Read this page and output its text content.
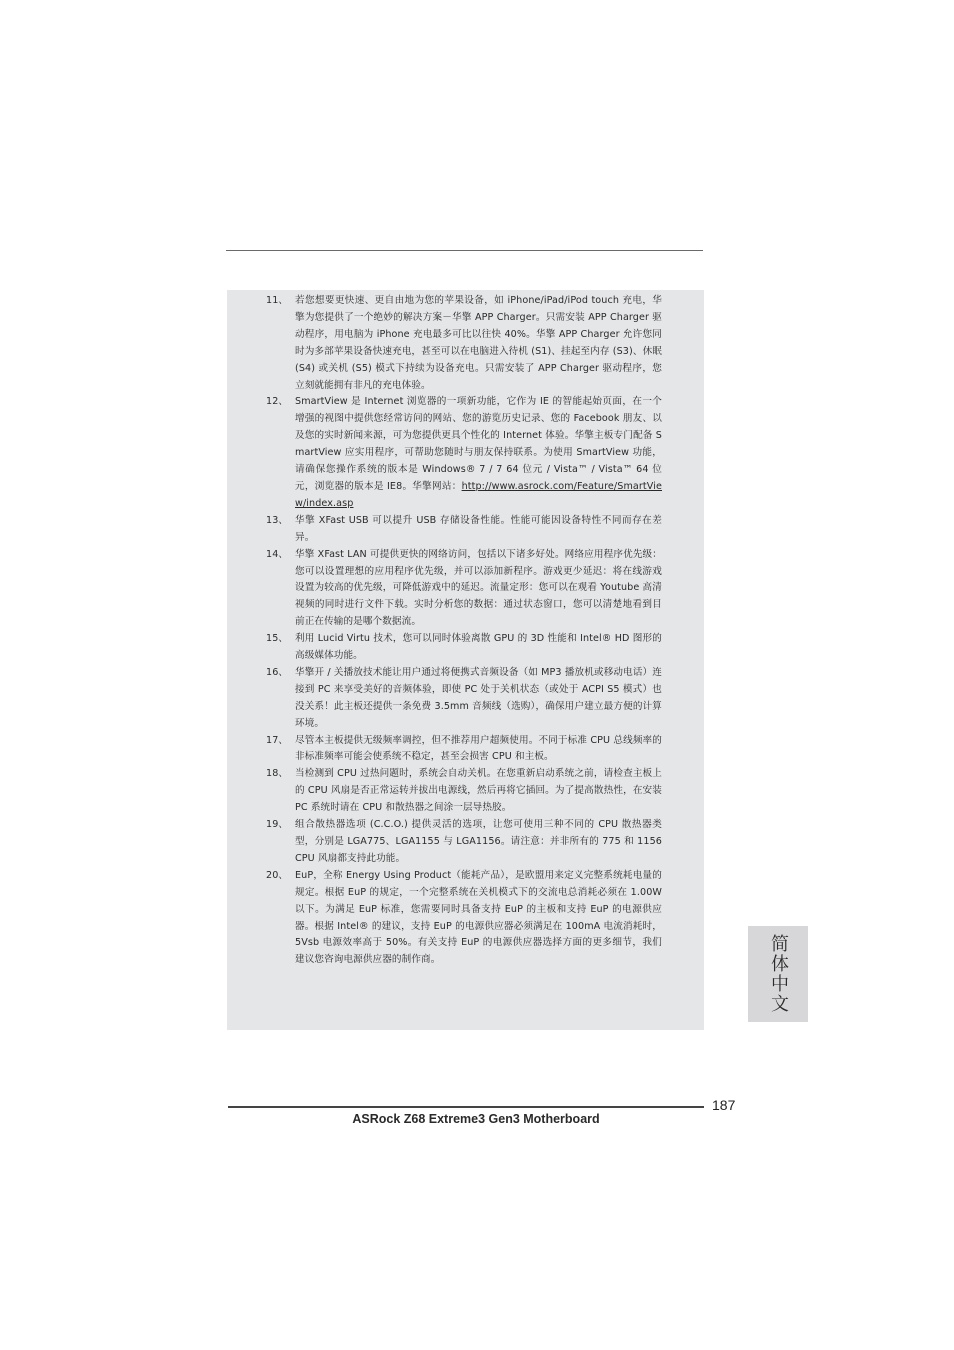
11、 若您想要更快速、更自由地为您的苹果设备，如 iPhone/iPad/iPod touch 充电，华擎为您提供了一个绝妙的解决方案－华擎 APP Charger。只需安装 APP Charger 驱动程序，用电脑为 iPhone 充电最多可比以往快 40%。华擎 APP Charger 允许您同时为多部苹果设备快速充电，甚至可以在电脑进入待机 (S1)、挂起至内存 (S3)、休眠 (S4) 或关机 (S5) 模式下持续为设备充电。只需安装了 APP Charger 驱动程序，您立刻就能拥有非凡的充电体验。
12、 SmartView 是 Internet 浏览器的一项新功能，它作为 IE 的智能起始页面，在一个增强的视图中提供您经常访问的网站、您的游览历史记录、您的 Facebook 朋友、以及您的实时新闻来源，可为您提供更具个性化的 Internet 体验。华擎主板专门配备 SmartView 应实用程序，可帮助您随时与朋友保持联系。为使用 SmartView 功能，请确保您操作系统的版本是 Windows® 7 / 7 64 位元 / Vista™ / Vista™ 64 位元，浏览器的版本是 IE8。华擎网站：http://www.asrock.com/Feature/SmartView/index.asp
13、 华擎 XFast USB 可以提升 USB 存储设备性能。性能可能因设备特性不同而存在差异。
14、 华擎 XFast LAN 可提供更快的网络访问，包括以下诸多好处。网络应用程序优先级：您可以设置理想的应用程序优先级，并可以添加新程序。游戏更少延迟：将在线游戏设置为较高的优先级，可降低游戏中的延迟。流量定形：您可以在观看 Youtube 高清视频的同时进行文件下载。实时分析您的数据：通过状态窗口，您可以清楚地看到目前正在传输的是哪个数据流。
15、 利用 Lucid Virtu 技术，您可以同时体验离散 GPU 的 3D 性能和 Intel® HD 图形的高级媒体功能。
16、 华擎开 / 关播放技术能让用户通过将便携式音频设备（如 MP3 播放机或移动电话）连接到 PC 来享受美好的音频体验，即使 PC 处于关机状态（或处于 ACPI S5 模式）也没关系！此主板还提供一条免费 3.5mm 音频线（选购），确保用户建立最方便的计算环境。
17、 尽管本主板提供无级频率调控，但不推荐用户超频使用。不同于标准 CPU 总线频率的非标准频率可能会使系统不稳定，甚至会损害 CPU 和主板。
18、 当检测到 CPU 过热问题时，系统会自动关机。在您重新启动系统之前，请检查主板上的 CPU 风扇是否正常运转并拔出电源线，然后再将它插回。为了提高散热性，在安装 PC 系统时请在 CPU 和散热器之间涂一层导热胶。
19、 组合散热器选项 (C.C.O.) 提供灵活的选项，让您可使用三种不同的 CPU 散热器类型，分别是 LGA775、LGA1155 与 LGA1156。请注意：并非所有的 775 和 1156 CPU 风扇都支持此功能。
20、 EuP，全称 Energy Using Product（能耗产品），是欧盟用来定义完整系统耗电量的规定。根据 EuP 的规定，一个完整系统在关机模式下的交流电总消耗必须在 1.00W 以下。为满足 EuP 标准，您需要同时具备支持 EuP 的主板和支持 EuP 的电源供应器。根据 Intel® 的建议，支持 EuP 的电源供应器必须满足在 100mA 电流消耗时，5Vsb 电源效率高于 50%。有关支持 EuP 的电源供应器选择方面的更多细节，我们建议您咨询电源供应器的制作商。	简体中文
187
ASRock Z68 Extreme3 Gen3 Motherboard
